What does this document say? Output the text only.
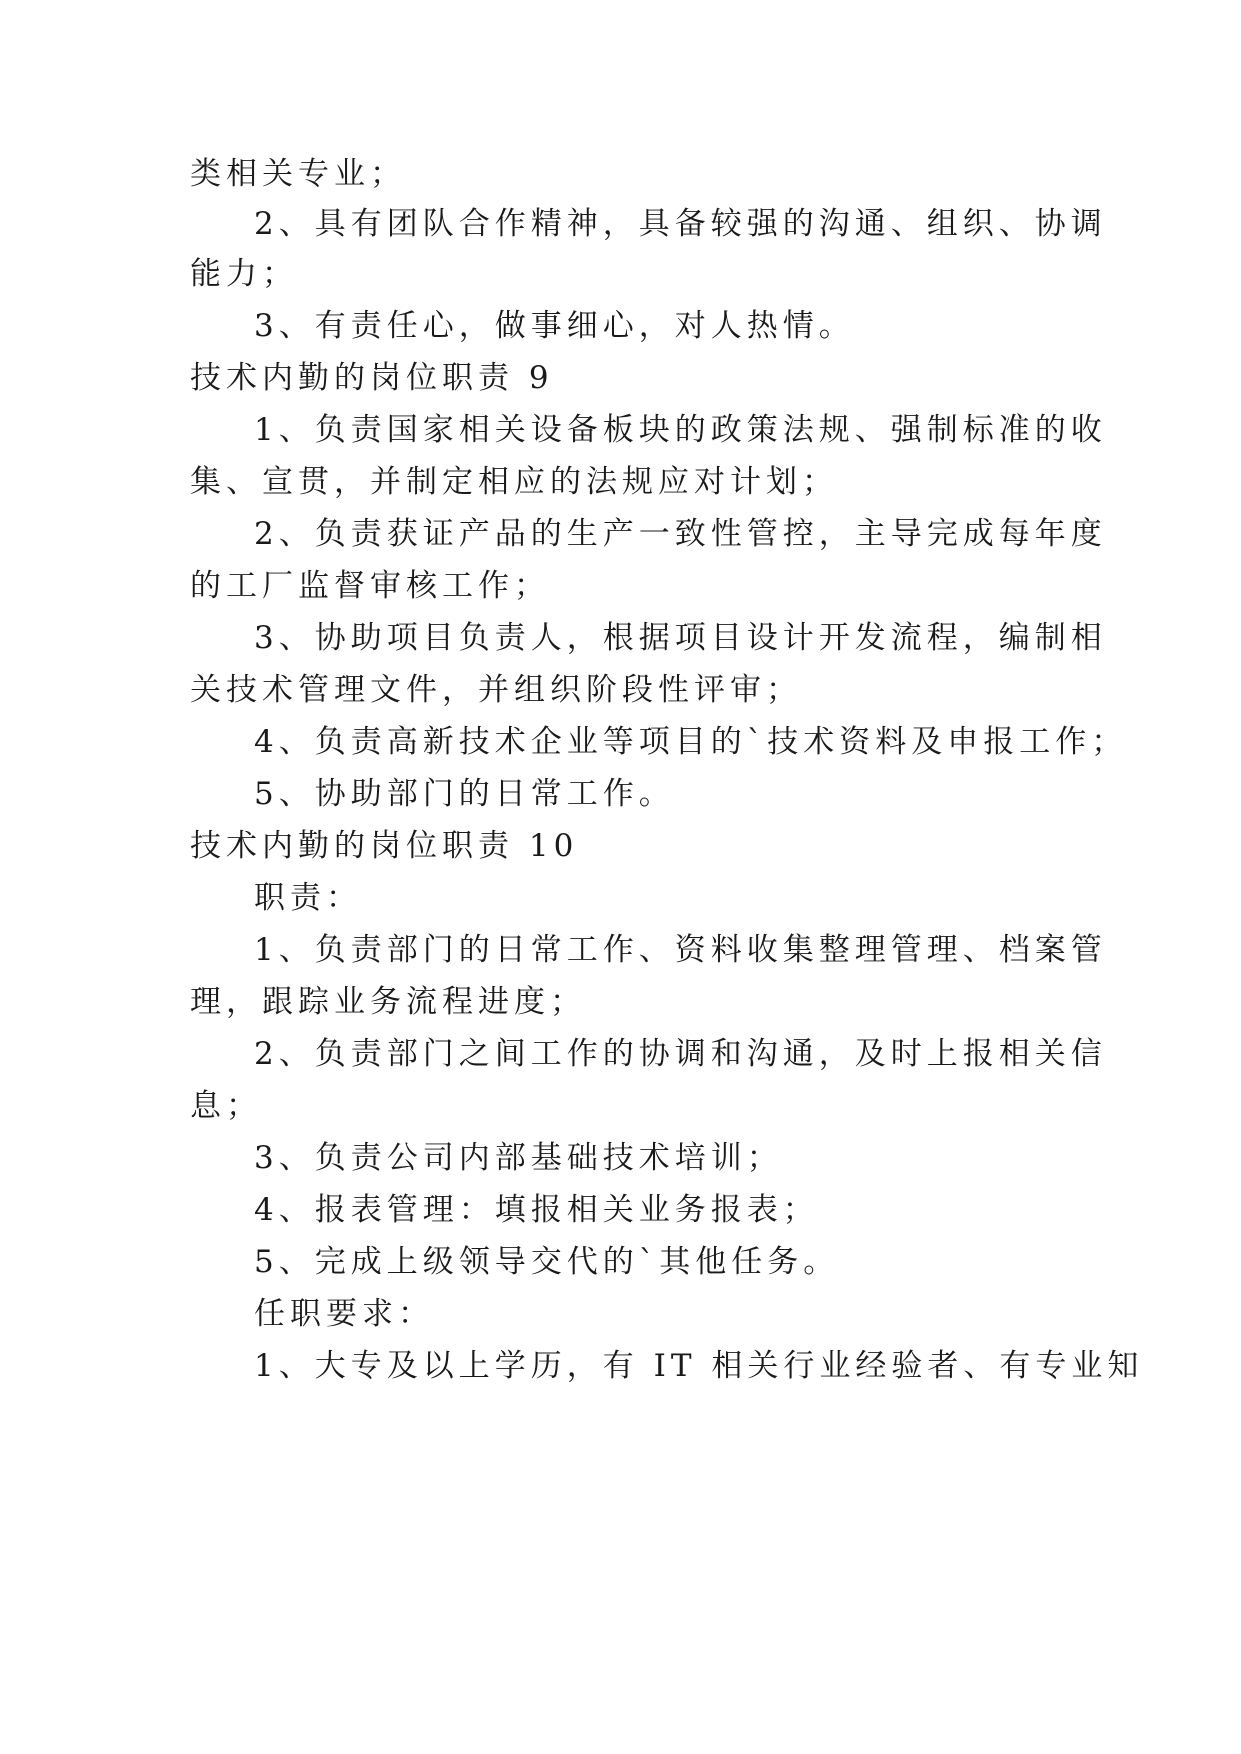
类相关专业；
2、具有团队合作精神，具备较强的沟通、组织、协调
能力；
3、有责任心，做事细心，对人热情。
技术内勤的岗位职责 9
1、负责国家相关设备板块的政策法规、强制标准的收
集、宣贯，并制定相应的法规应对计划；
2、负责获证产品的生产一致性管控，主导完成每年度
的工厂监督审核工作；
3、协助项目负责人，根据项目设计开发流程，编制相
关技术管理文件，并组织阶段性评审；
4、负责高新技术企业等项目的`技术资料及申报工作；
5、协助部门的日常工作。
技术内勤的岗位职责 10
职责：
1、负责部门的日常工作、资料收集整理管理、档案管
理，跟踪业务流程进度；
2、负责部门之间工作的协调和沟通，及时上报相关信
息；
3、负责公司内部基础技术培训；
4、报表管理：填报相关业务报表；
5、完成上级领导交代的`其他任务。
任职要求：
1、大专及以上学历，有 IT 相关行业经验者、有专业知
